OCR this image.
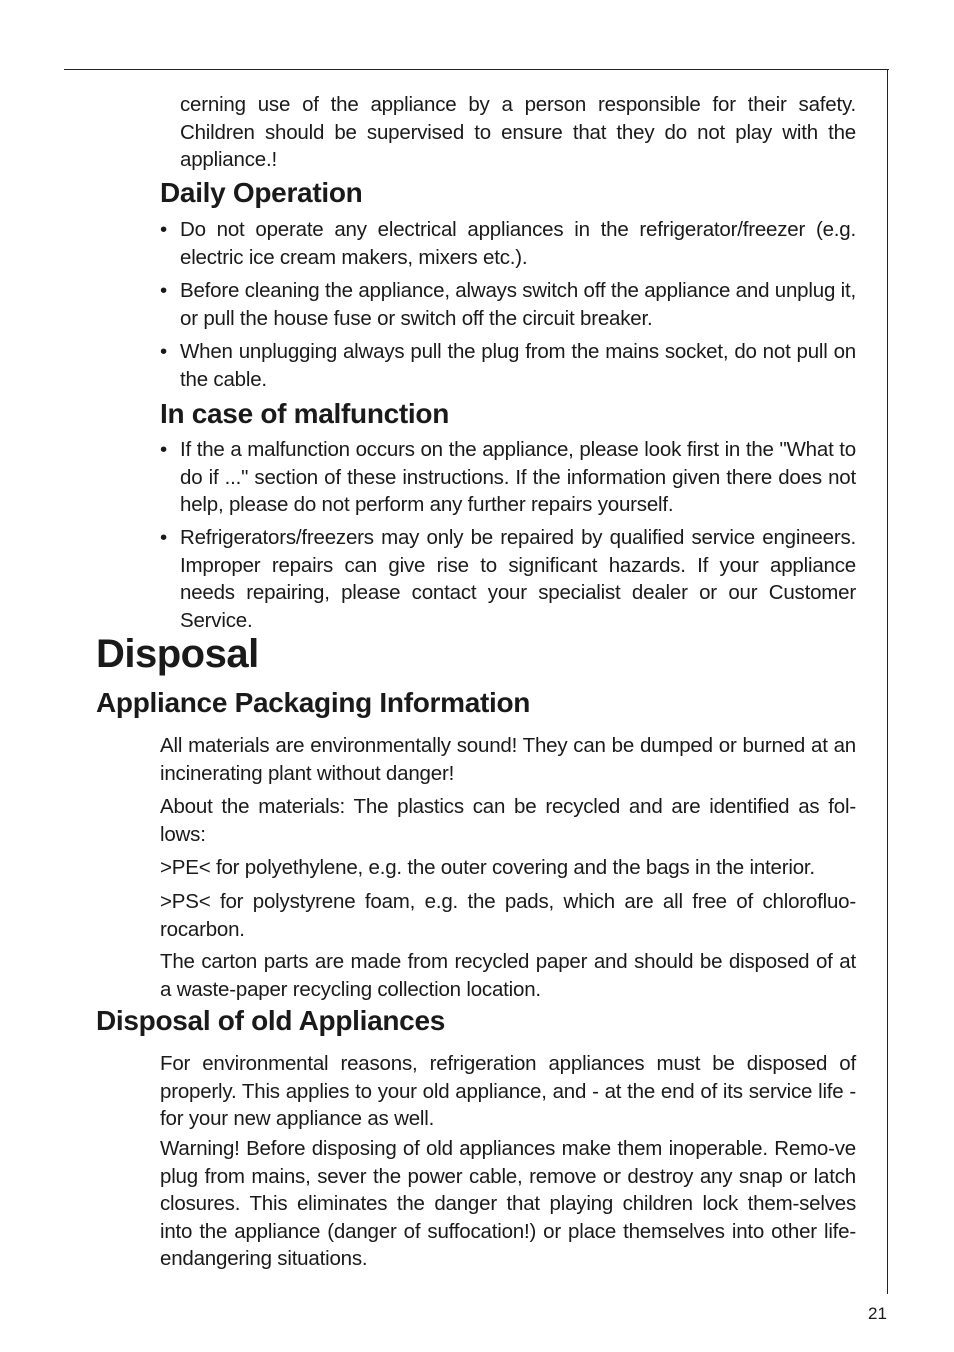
cerning use of the appliance by a person responsible for their safety. Children should be supervised to ensure that they do not play with the appliance.!
Daily Operation
• Do not operate any electrical appliances in the refrigerator/freezer (e.g. electric ice cream makers, mixers etc.).
• Before cleaning the appliance, always switch off the appliance and unplug it, or pull the house fuse or switch off the circuit breaker.
• When unplugging always pull the plug from the mains socket, do not pull on the cable.
In case of malfunction
• If the a malfunction occurs on the appliance, please look first in the "What to do if ..." section of these instructions. If the information given there does not help, please do not perform any further repairs yourself.
• Refrigerators/freezers may only be repaired by qualified service engineers. Improper repairs can give rise to significant hazards. If your appliance needs repairing, please contact your specialist dealer or our Customer Service.
Disposal
Appliance Packaging Information
All materials are environmentally sound! They can be dumped or burned at an incinerating plant without danger!
About the materials: The plastics can be recycled and are identified as fol-lows:
>PE< for polyethylene, e.g. the outer covering and the bags in the interior.
>PS< for polystyrene foam, e.g. the pads, which are all free of chlorofluo-rocarbon.
The carton parts are made from recycled paper and should be disposed of at a waste-paper recycling collection location.
Disposal of old Appliances
For environmental reasons, refrigeration appliances must be disposed of properly. This applies to your old appliance, and - at the end of its service life - for your new appliance as well.
Warning! Before disposing of old appliances make them inoperable. Remo-ve plug from mains, sever the power cable, remove or destroy any snap or latch closures. This eliminates the danger that playing children lock them-selves into the appliance (danger of suffocation!) or place themselves into other life-endangering situations.
21
